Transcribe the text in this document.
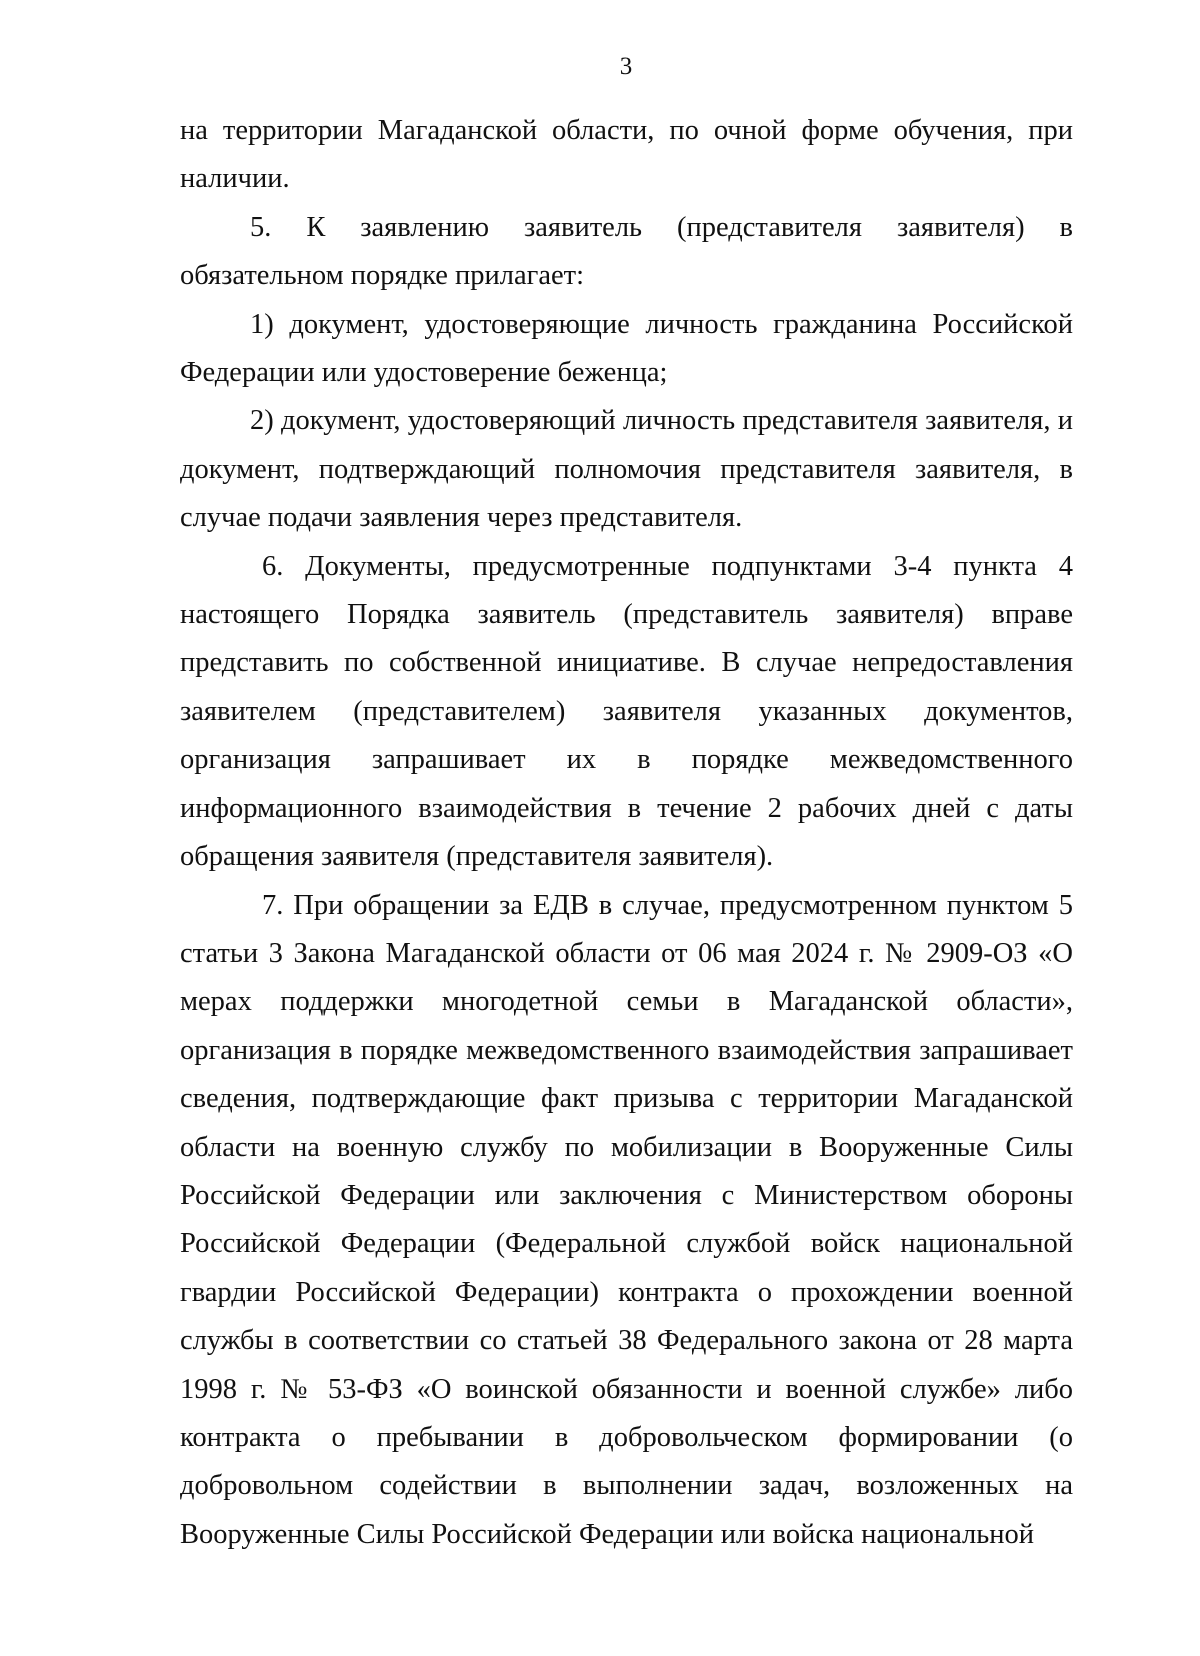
3

на территории Магаданской области, по очной форме обучения, при наличии.

5. К заявлению заявитель (представителя заявителя) в обязательном порядке прилагает:

1) документ, удостоверяющие личность гражданина Российской Федерации или удостоверение беженца;

2) документ, удостоверяющий личность представителя заявителя, и документ, подтверждающий полномочия представителя заявителя, в случае подачи заявления через представителя.

6. Документы, предусмотренные подпунктами 3-4 пункта 4 настоящего Порядка заявитель (представитель заявителя) вправе представить по собственной инициативе. В случае непредоставления заявителем (представителем) заявителя указанных документов, организация запрашивает их в порядке межведомственного информационного взаимодействия в течение 2 рабочих дней с даты обращения заявителя (представителя заявителя).

7. При обращении за ЕДВ в случае, предусмотренном пунктом 5 статьи 3 Закона Магаданской области от 06 мая 2024 г. № 2909-ОЗ «О мерах поддержки многодетной семьи в Магаданской области», организация в порядке межведомственного взаимодействия запрашивает сведения, подтверждающие факт призыва с территории Магаданской области на военную службу по мобилизации в Вооруженные Силы Российской Федерации или заключения с Министерством обороны Российской Федерации (Федеральной службой войск национальной гвардии Российской Федерации) контракта о прохождении военной службы в соответствии со статьей 38 Федерального закона от 28 марта 1998 г. № 53-ФЗ «О воинской обязанности и военной службе» либо контракта о пребывании в добровольческом формировании (о добровольном содействии в выполнении задач, возложенных на Вооруженные Силы Российской Федерации или войска национальной
